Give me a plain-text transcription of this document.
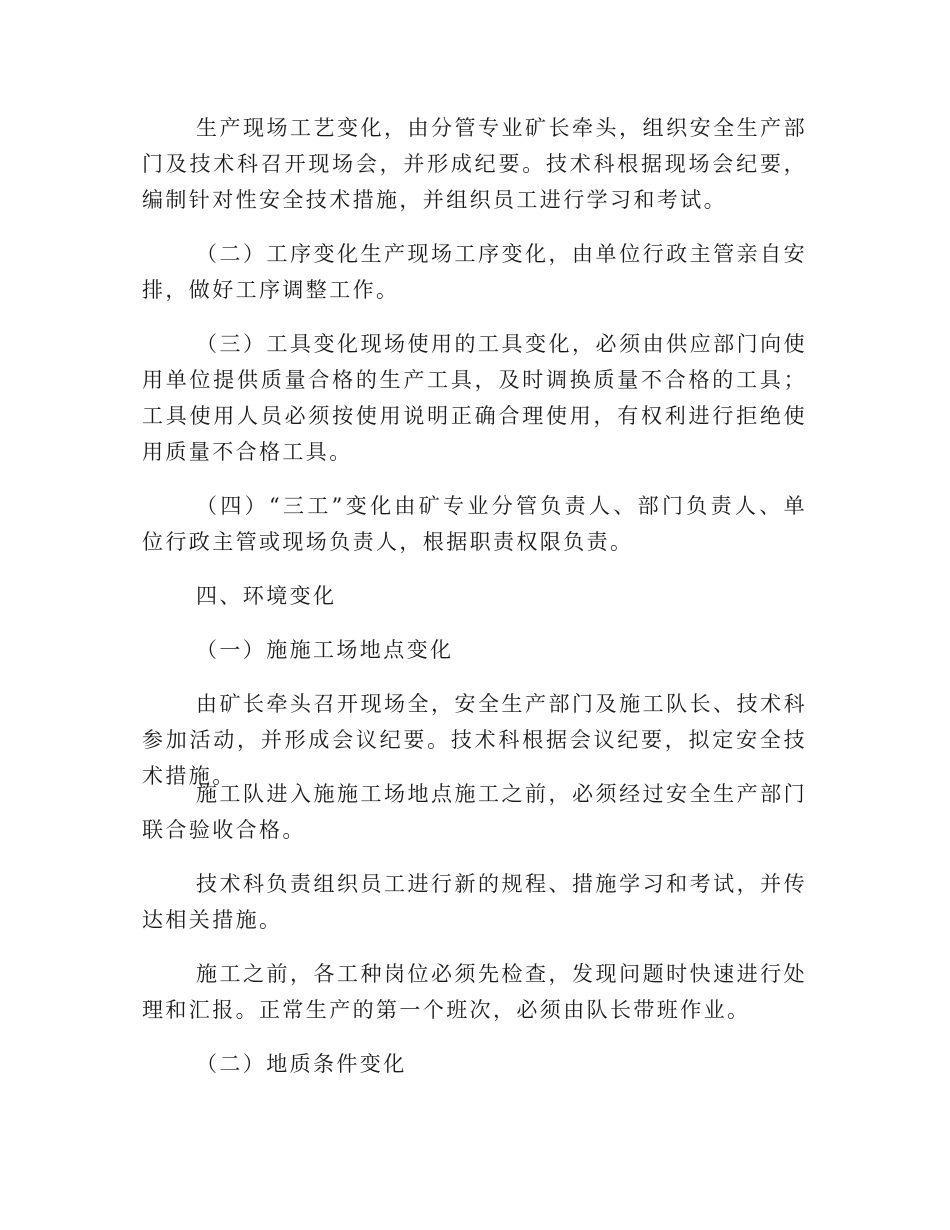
生产现场工艺变化，由分管专业矿长牵头，组织安全生产部门及技术科召开现场会，并形成纪要。技术科根据现场会纪要，编制针对性安全技术措施，并组织员工进行学习和考试。

（二）工序变化生产现场工序变化，由单位行政主管亲自安排，做好工序调整工作。

（三）工具变化现场使用的工具变化，必须由供应部门向使用单位提供质量合格的生产工具，及时调换质量不合格的工具；工具使用人员必须按使用说明正确合理使用，有权利进行拒绝使用质量不合格工具。

（四）“三工”变化由矿专业分管负责人、部门负责人、单位行政主管或现场负责人，根据职责权限负责。

四、环境变化

（一）施施工场地点变化

由矿长牵头召开现场全，安全生产部门及施工队长、技术科参加活动，并形成会议纪要。技术科根据会议纪要，拟定安全技术措施。

施工队进入施施工场地点施工之前，必须经过安全生产部门联合验收合格。

技术科负责组织员工进行新的规程、措施学习和考试，并传达相关措施。

施工之前，各工种岗位必须先检查，发现问题时快速进行处理和汇报。正常生产的第一个班次，必须由队长带班作业。

（二）地质条件变化
